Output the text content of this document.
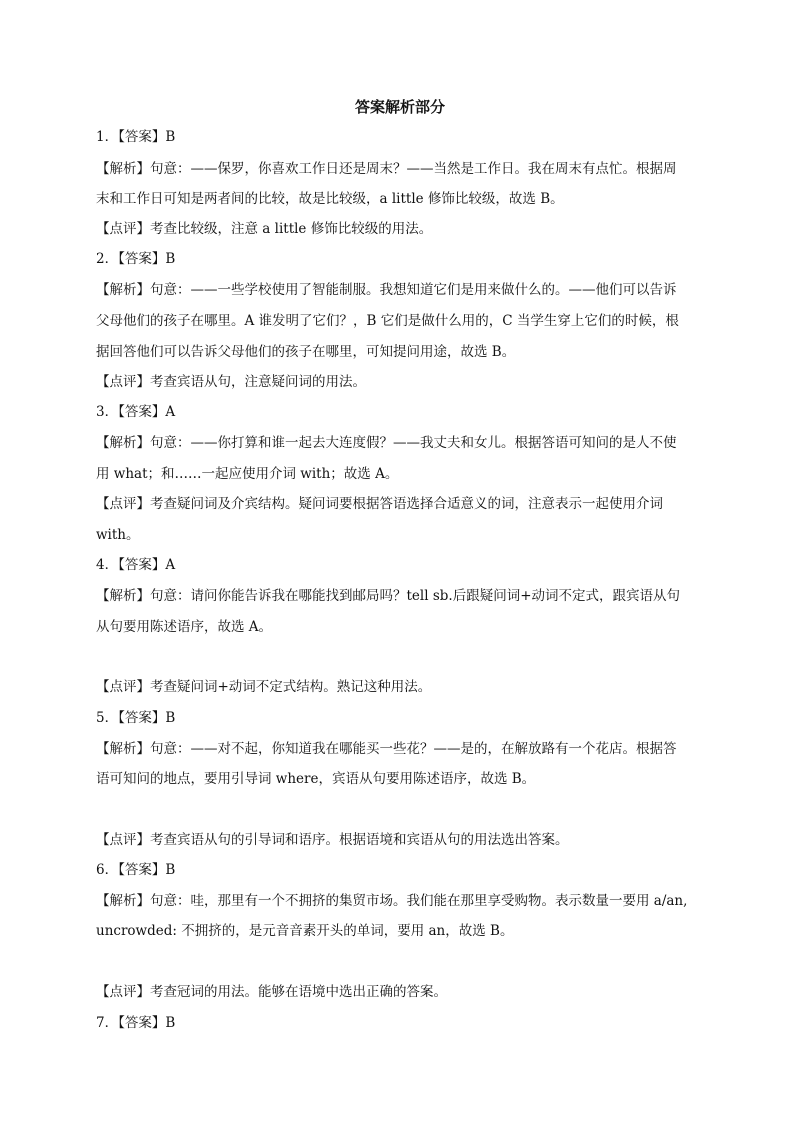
答案解析部分
1．【答案】B
【解析】句意：——保罗，你喜欢工作日还是周末？——当然是工作日。我在周末有点忙。根据周
末和工作日可知是两者间的比较，故是比较级，a little 修饰比较级，故选 B。
【点评】考查比较级，注意 a little 修饰比较级的用法。
2．【答案】B
【解析】句意：——一些学校使用了智能制服。我想知道它们是用来做什么的。——他们可以告诉
父母他们的孩子在哪里。A 谁发明了它们？，B 它们是做什么用的，C 当学生穿上它们的时候，根
据回答他们可以告诉父母他们的孩子在哪里，可知提问用途，故选 B。
【点评】考查宾语从句，注意疑问词的用法。
3．【答案】A
【解析】句意：——你打算和谁一起去大连度假？——我丈夫和女儿。根据答语可知问的是人不使
用 what；和……一起应使用介词 with；故选 A。
【点评】考查疑问词及介宾结构。疑问词要根据答语选择合适意义的词，注意表示一起使用介词
with。
4．【答案】A
【解析】句意：请问你能告诉我在哪能找到邮局吗？tell sb.后跟疑问词+动词不定式，跟宾语从句
从句要用陈述语序，故选 A。
【点评】考查疑问词+动词不定式结构。熟记这种用法。
5．【答案】B
【解析】句意：——对不起，你知道我在哪能买一些花？——是的，在解放路有一个花店。根据答
语可知问的地点，要用引导词 where，宾语从句要用陈述语序，故选 B。
【点评】考查宾语从句的引导词和语序。根据语境和宾语从句的用法选出答案。
6．【答案】B
【解析】句意：哇，那里有一个不拥挤的集贸市场。我们能在那里享受购物。表示数量一要用 a/an,
uncrowded: 不拥挤的，是元音音素开头的单词，要用 an，故选 B。
【点评】考查冠词的用法。能够在语境中选出正确的答案。
7．【答案】B
